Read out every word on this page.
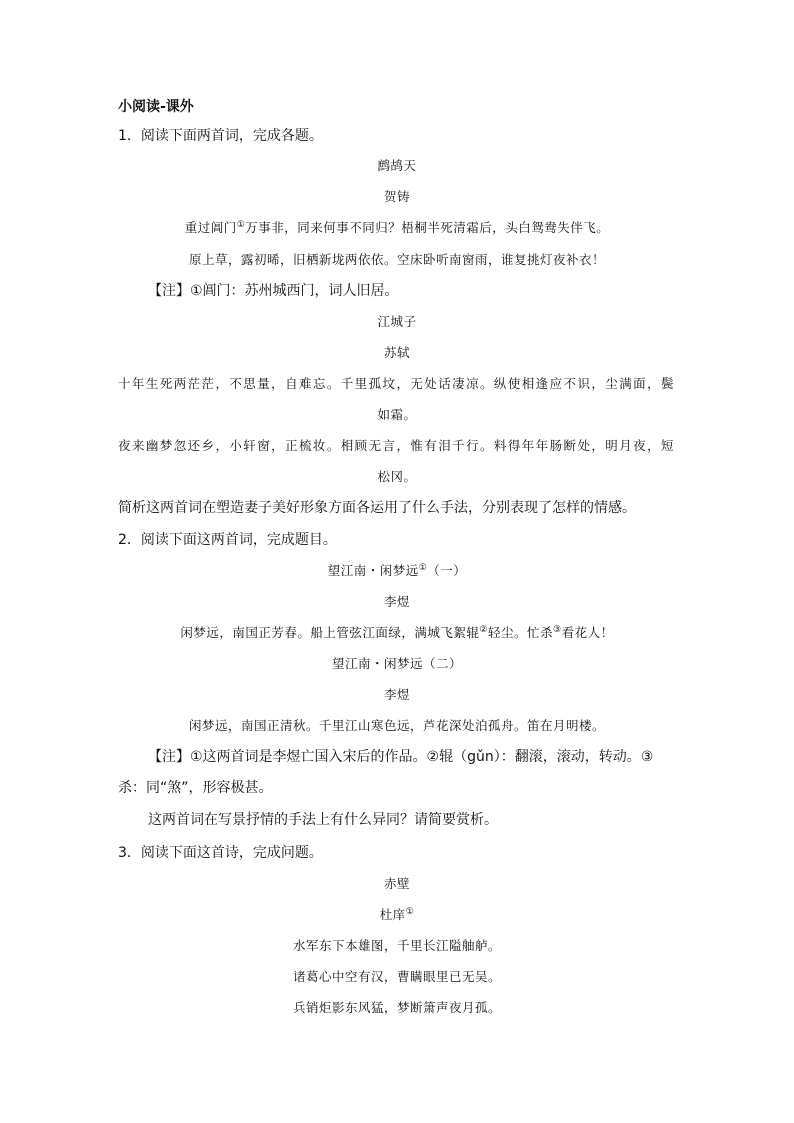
小阅读-课外
1．阅读下面两首词，完成各题。
鹧鸪天
贺铸
重过阊门①万事非，同来何事不同归？梧桐半死清霜后，头白鸳鸯失伴飞。
原上草，露初晞，旧栖新垅两依依。空床卧听南窗雨，谁复挑灯夜补衣！
【注】①阊门：苏州城西门，词人旧居。
江城子
苏轼
十年生死两茫茫，不思量，自难忘。千里孤坟，无处话凄凉。纵使相逢应不识，尘满面，鬓
如霜。
夜来幽梦忽还乡，小轩窗，正梳妆。相顾无言，惟有泪千行。料得年年肠断处，明月夜，短
松冈。
简析这两首词在塑造妻子美好形象方面各运用了什么手法，分别表现了怎样的情感。
2．阅读下面这两首词，完成题目。
望江南・闲梦远①（一）
李煜
闲梦远，南国正芳春。船上管弦江面绿，满城飞絮辊②轻尘。忙杀③看花人！
望江南・闲梦远（二）
李煜
闲梦远，南国正清秋。千里江山寒色远，芦花深处泊孤舟。笛在月明楼。
【注】①这两首词是李煜亡国入宋后的作品。②辊（gǔn）：翻滚，滚动，转动。③
杀：同“煞”，形容极甚。
这两首词在写景抒情的手法上有什么异同？请简要赏析。
3．阅读下面这首诗，完成问题。
赤壁
杜庠①
水军东下本雄图，千里长江隘舳舻。
诸葛心中空有汉，曹瞒眼里已无吴。
兵销炬影东风猛，梦断箫声夜月孤。
